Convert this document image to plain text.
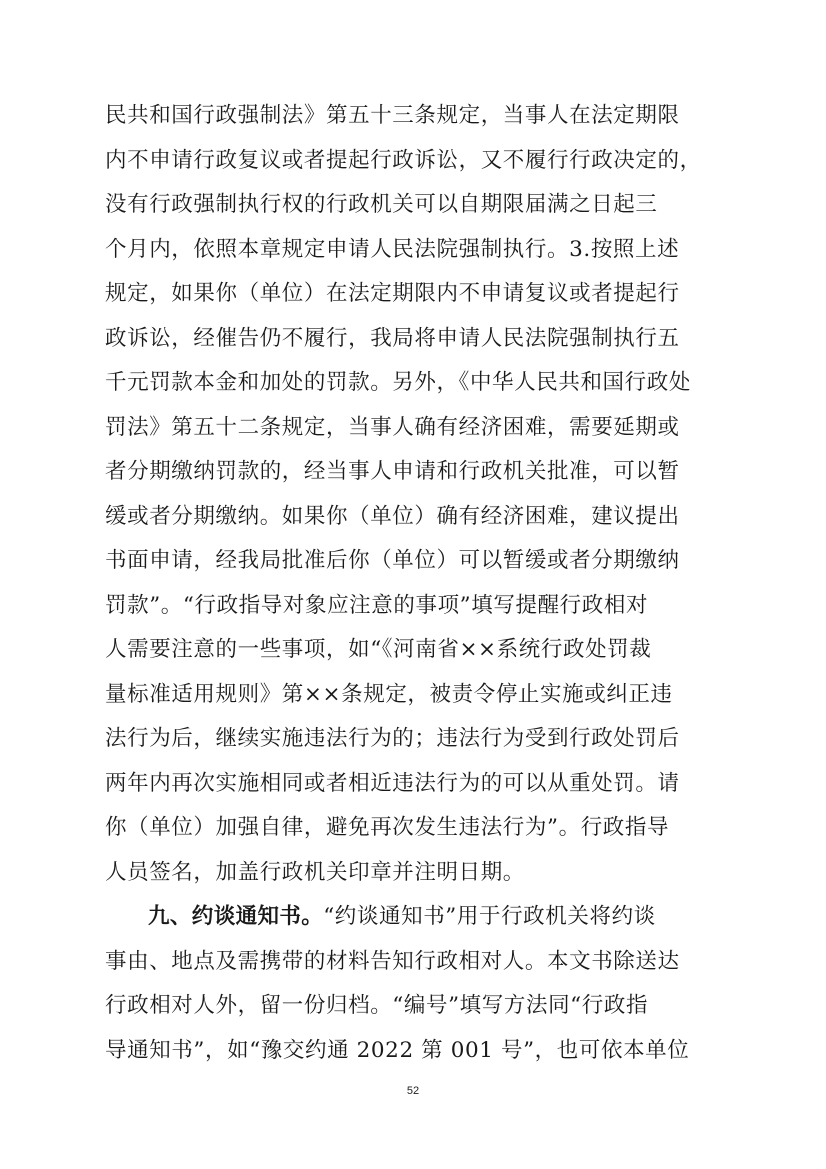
民共和国行政强制法》第五十三条规定，当事人在法定期限
内不申请行政复议或者提起行政诉讼，又不履行行政决定的，
没有行政强制执行权的行政机关可以自期限届满之日起三
个月内，依照本章规定申请人民法院强制执行。3.按照上述
规定，如果你（单位）在法定期限内不申请复议或者提起行
政诉讼，经催告仍不履行，我局将申请人民法院强制执行五
千元罚款本金和加处的罚款。另外，《中华人民共和国行政处
罚法》第五十二条规定，当事人确有经济困难，需要延期或
者分期缴纳罚款的，经当事人申请和行政机关批准，可以暂
缓或者分期缴纳。如果你（单位）确有经济困难，建议提出
书面申请，经我局批准后你（单位）可以暂缓或者分期缴纳
罚款”。“行政指导对象应注意的事项”填写提醒行政相对
人需要注意的一些事项，如“《河南省××系统行政处罚裁
量标准适用规则》第××条规定，被责令停止实施或纠正违
法行为后，继续实施违法行为的；违法行为受到行政处罚后
两年内再次实施相同或者相近违法行为的可以从重处罚。请
你（单位）加强自律，避免再次发生违法行为”。行政指导
人员签名，加盖行政机关印章并注明日期。
九、约谈通知书。“约谈通知书”用于行政机关将约谈
事由、地点及需携带的材料告知行政相对人。本文书除送达
行政相对人外，留一份归档。“编号”填写方法同“行政指
导通知书”，如“豫交约通 2022 第 001 号”，也可依本单位
52
